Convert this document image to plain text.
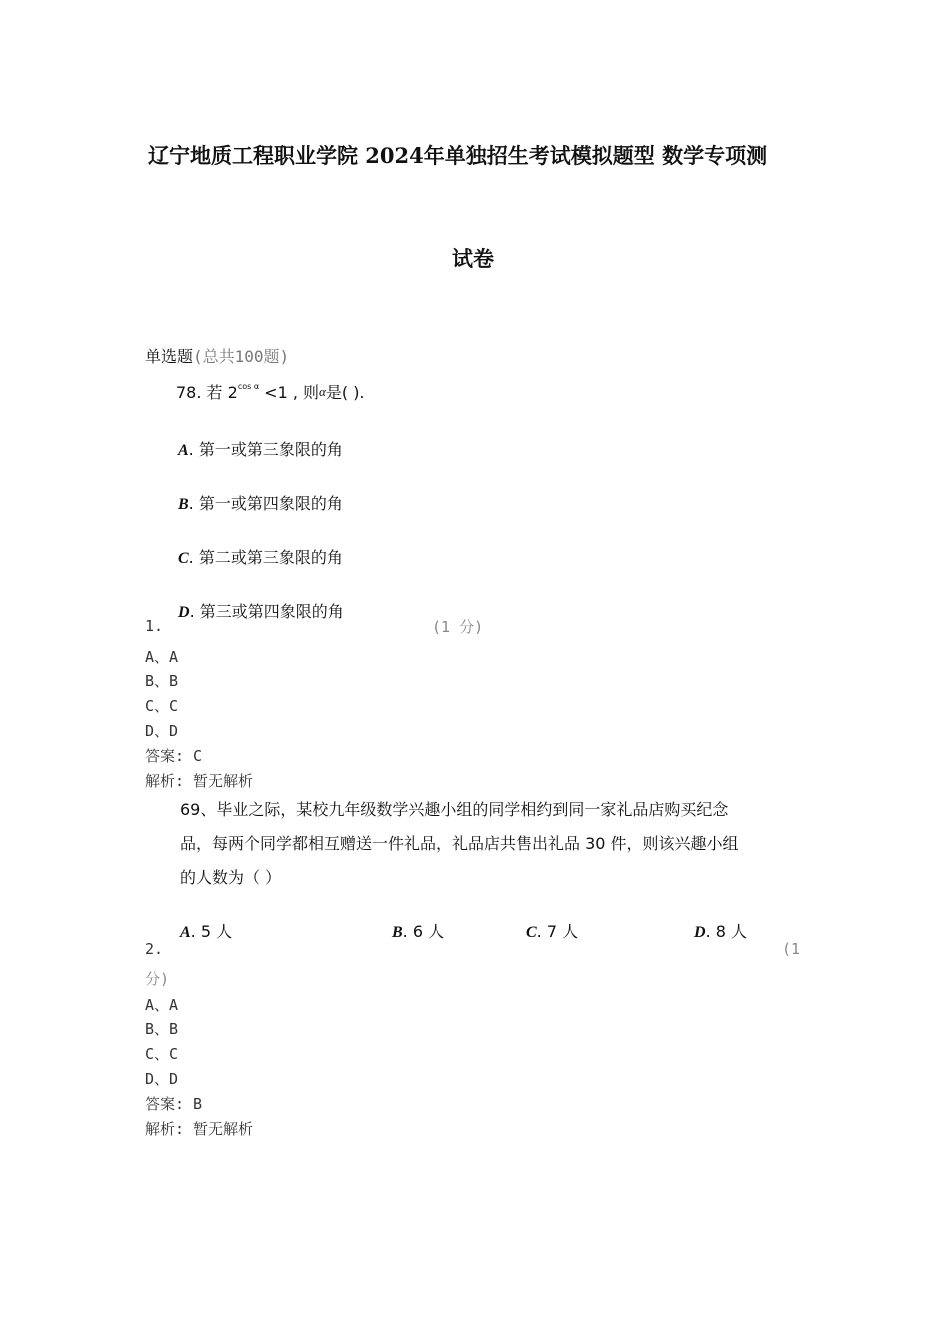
辽宁地质工程职业学院 2024年单独招生考试模拟题型 数学专项测
试卷
单选题(总共100题)
78. 若 $2^{cos \alpha} <1$ , 则α是( ).
A. 第一或第三象限的角
B. 第一或第四象限的角
C. 第二或第三象限的角
D. 第三或第四象限的角
1.	(1 分)
A、A
B、B
C、C
D、D
答案: C
解析: 暂无解析
69、毕业之际，某校九年级数学兴趣小组的同学相约到同一家礼品店购买纪念
品，每两个同学都相互赠送一件礼品，礼品店共售出礼品 30 件，则该兴趣小组
的人数为（ ）
A. 5 人	B. 6 人	C. 7 人	D. 8 人
2.	(1
分)
A、A
B、B
C、C
D、D
答案: B
解析: 暂无解析
